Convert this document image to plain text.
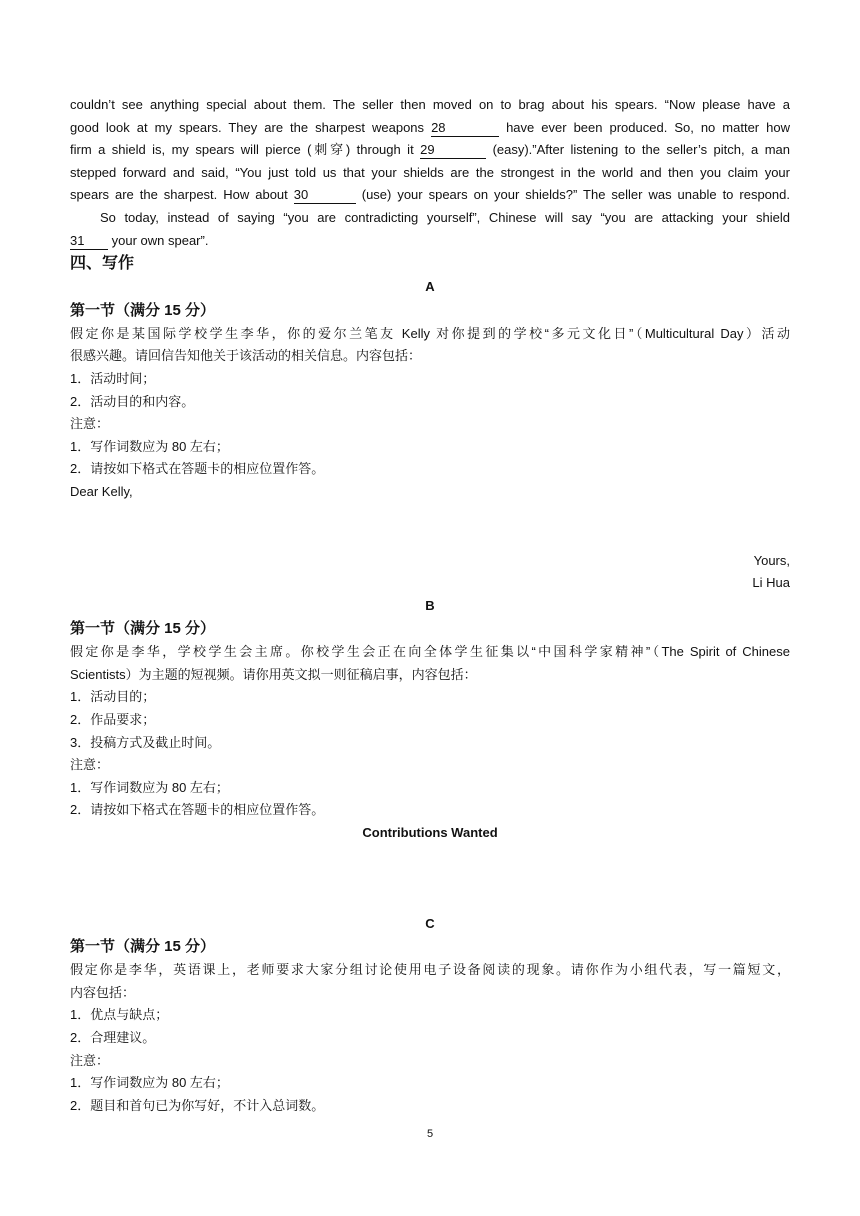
couldn’t see anything special about them. The seller then moved on to brag about his spears. “Now please have a

good look at my spears. They are the sharpest weapons 28	have ever been produced. So, no matter how

firm a shield is, my spears will pierce (刺穿) through it 29	(easy).”After listening to the seller’s pitch, a man

stepped forward and said, “You just told us that your shields are the strongest in the world and then you claim your

spears are the sharpest. How about 30	(use) your spears on your shields?” The seller was unable to respond.

So today, instead of saying “you are contradicting yourself”, Chinese will say “you are attacking your shield

31 your own spear”.

四、写作

A

第一节（满分 15 分）

假定你是某国际学校学生李华，你的爱尔兰笔友 Kelly 对你提到的学校“多元文化日”（Multicultural Day）活动

很感兴趣。请回信告知他关于该活动的相关信息。内容包括：

1．活动时间；

2．活动目的和内容。

注意：

1．写作词数应为 80 左右；

2．请按如下格式在答题卡的相应位置作答。

Dear Kelly,

Yours,

Li Hua

B

第一节（满分 15 分）

假定你是李华，学校学生会主席。你校学生会正在向全体学生征集以“中国科学家精神”（The Spirit of Chinese

Scientists）为主题的短视频。请你用英文拟一则征稿启事，内容包括：

1．活动目的；

2．作品要求；

3．投稿方式及截止时间。

注意：

1．写作词数应为 80 左右；

2．请按如下格式在答题卡的相应位置作答。

Contributions Wanted

C

第一节（满分 15 分）

假定你是李华，英语课上，老师要求大家分组讨论使用电子设备阅读的现象。请你作为小组代表，写一篇短文，

内容包括：

1．优点与缺点；

2．合理建议。

注意：

1．写作词数应为 80 左右；

2．题目和首句已为你写好，不计入总词数。

5
